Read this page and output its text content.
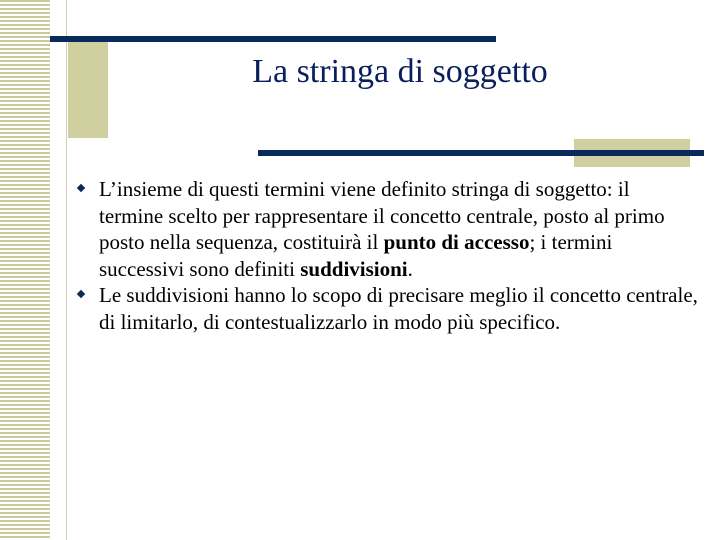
La stringa di soggetto
L’insieme di questi termini viene definito stringa di soggetto: il termine scelto per rappresentare il concetto centrale, posto al primo posto nella sequenza, costituirà il punto di accesso; i termini successivi sono definiti suddivisioni.
Le suddivisioni hanno lo scopo di precisare meglio il concetto centrale, di limitarlo, di contestualizzarlo in modo più specifico.
